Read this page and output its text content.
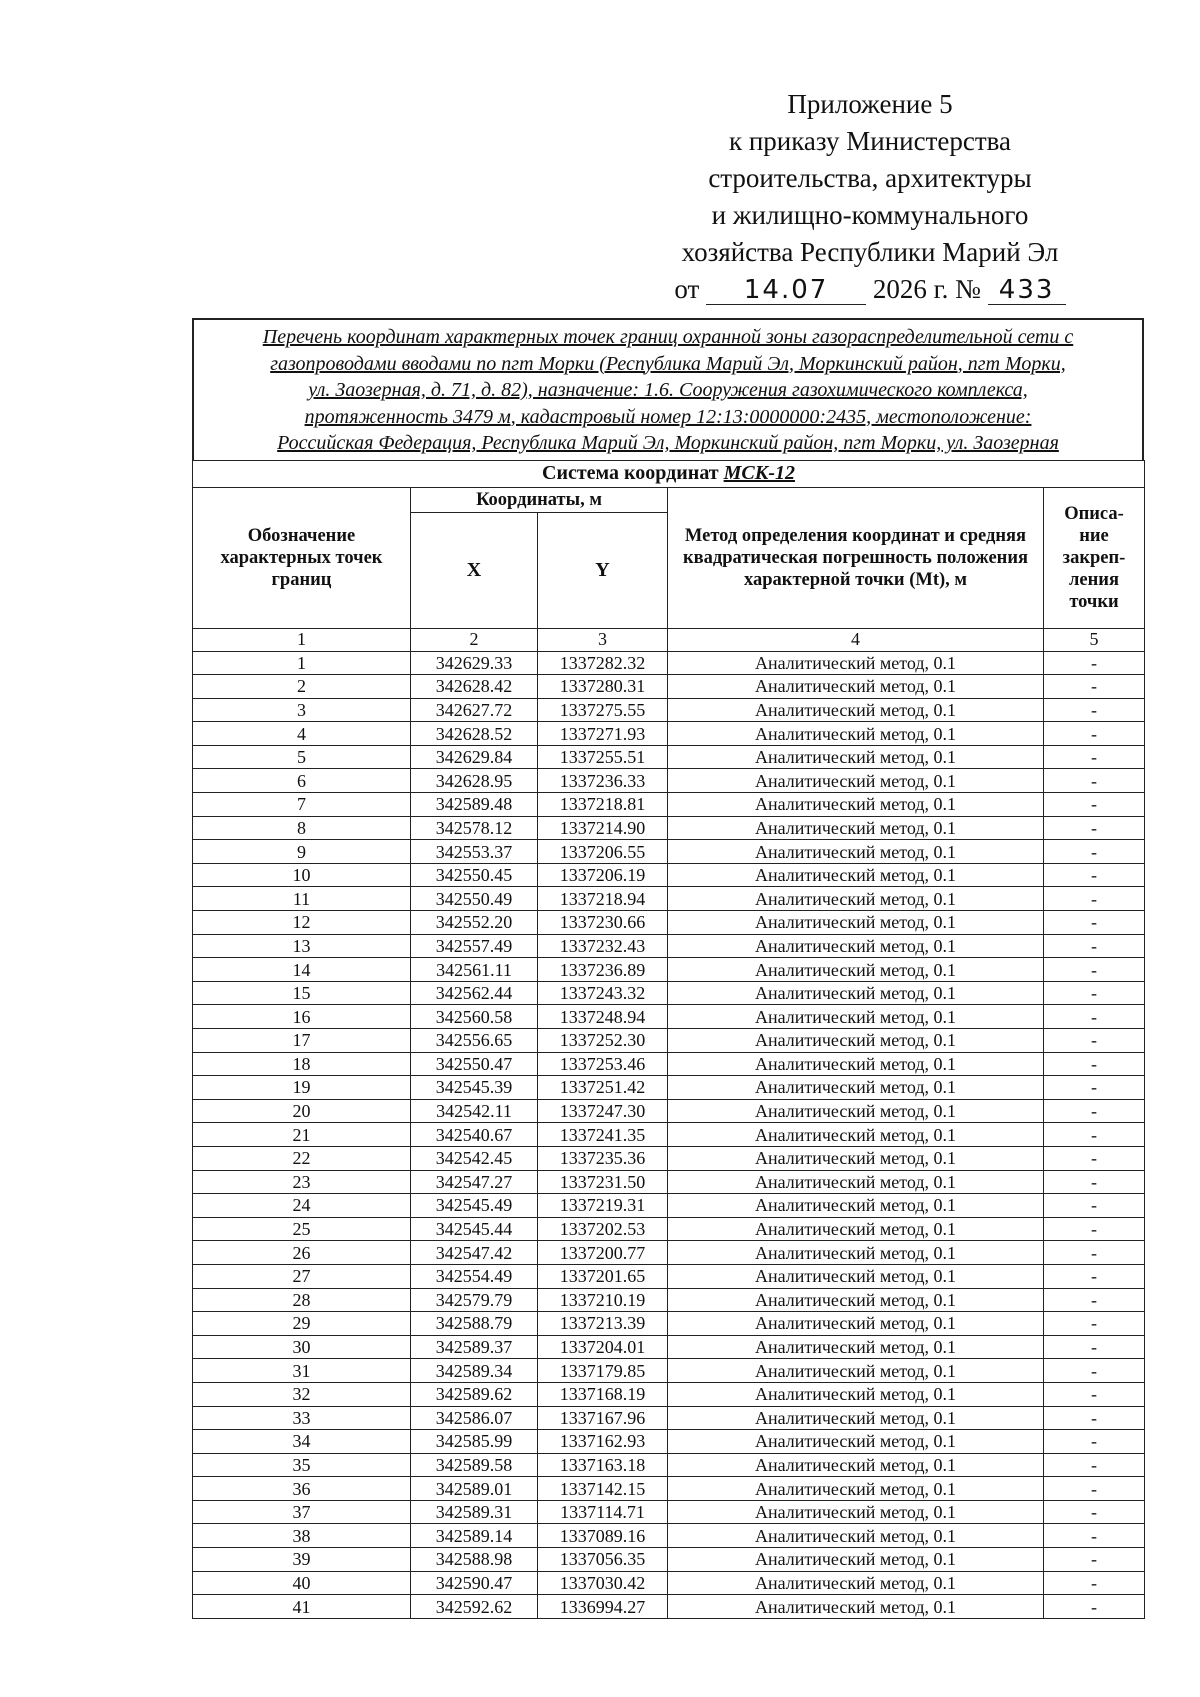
Приложение 5
к приказу Министерства
строительства, архитектуры
и жилищно-коммунального
хозяйства Республики Марий Эл
от 14.07 2026 г. № 433
Перечень координат характерных точек границ охранной зоны газораспределительной сети с
газопроводами вводами по пгт Морки (Республика Марий Эл, Моркинский район, пгт Морки,
ул. Заозерная, д. 71, д. 82), назначение: 1.6. Сооружения газохимического комплекса,
протяженность 3479 м, кадастровый номер 12:13:0000000:2435, местоположение:
Российская Федерация, Республика Марий Эл, Моркинский район, пгт Морки, ул. Заозерная
Система координат МСК-12				
Обозначение характерных точек границ	Координаты, м		Метод определения координат и средняя квадратическая погрешность положения характерной точки (Mt), м	Описа-ние закреп-ления точки
	X	Y		
1	2	3	4	5
1	342629.33	1337282.32	Аналитический метод, 0.1	-
2	342628.42	1337280.31	Аналитический метод, 0.1	-
3	342627.72	1337275.55	Аналитический метод, 0.1	-
4	342628.52	1337271.93	Аналитический метод, 0.1	-
5	342629.84	1337255.51	Аналитический метод, 0.1	-
6	342628.95	1337236.33	Аналитический метод, 0.1	-
7	342589.48	1337218.81	Аналитический метод, 0.1	-
8	342578.12	1337214.90	Аналитический метод, 0.1	-
9	342553.37	1337206.55	Аналитический метод, 0.1	-
10	342550.45	1337206.19	Аналитический метод, 0.1	-
11	342550.49	1337218.94	Аналитический метод, 0.1	-
12	342552.20	1337230.66	Аналитический метод, 0.1	-
13	342557.49	1337232.43	Аналитический метод, 0.1	-
14	342561.11	1337236.89	Аналитический метод, 0.1	-
15	342562.44	1337243.32	Аналитический метод, 0.1	-
16	342560.58	1337248.94	Аналитический метод, 0.1	-
17	342556.65	1337252.30	Аналитический метод, 0.1	-
18	342550.47	1337253.46	Аналитический метод, 0.1	-
19	342545.39	1337251.42	Аналитический метод, 0.1	-
20	342542.11	1337247.30	Аналитический метод, 0.1	-
21	342540.67	1337241.35	Аналитический метод, 0.1	-
22	342542.45	1337235.36	Аналитический метод, 0.1	-
23	342547.27	1337231.50	Аналитический метод, 0.1	-
24	342545.49	1337219.31	Аналитический метод, 0.1	-
25	342545.44	1337202.53	Аналитический метод, 0.1	-
26	342547.42	1337200.77	Аналитический метод, 0.1	-
27	342554.49	1337201.65	Аналитический метод, 0.1	-
28	342579.79	1337210.19	Аналитический метод, 0.1	-
29	342588.79	1337213.39	Аналитический метод, 0.1	-
30	342589.37	1337204.01	Аналитический метод, 0.1	-
31	342589.34	1337179.85	Аналитический метод, 0.1	-
32	342589.62	1337168.19	Аналитический метод, 0.1	-
33	342586.07	1337167.96	Аналитический метод, 0.1	-
34	342585.99	1337162.93	Аналитический метод, 0.1	-
35	342589.58	1337163.18	Аналитический метод, 0.1	-
36	342589.01	1337142.15	Аналитический метод, 0.1	-
37	342589.31	1337114.71	Аналитический метод, 0.1	-
38	342589.14	1337089.16	Аналитический метод, 0.1	-
39	342588.98	1337056.35	Аналитический метод, 0.1	-
40	342590.47	1337030.42	Аналитический метод, 0.1	-
41	342592.62	1336994.27	Аналитический метод, 0.1	-
